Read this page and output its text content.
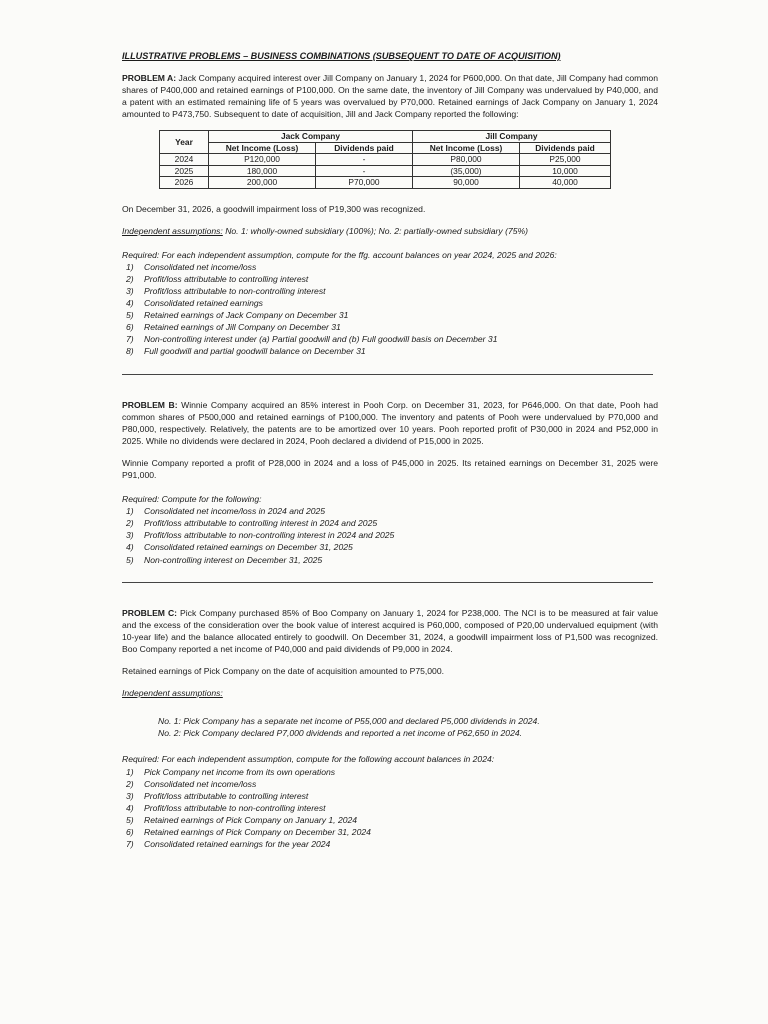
ILLUSTRATIVE PROBLEMS – BUSINESS COMBINATIONS (SUBSEQUENT TO DATE OF ACQUISITION)

PROBLEM A: Jack Company acquired interest over Jill Company on January 1, 2024 for P600,000. On that date, Jill Company had common shares of P400,000 and retained earnings of P100,000. On the same date, the inventory of Jill Company was undervalued by P40,000, and a patent with an estimated remaining life of 5 years was overvalued by P70,000. Retained earnings of Jack Company on January 1, 2024 amounted to P473,750. Subsequent to date of acquisition, Jill and Jack Company reported the following:

Year	Jack Company		Jill Company	
	Net Income (Loss)	Dividends paid	Net Income (Loss)	Dividends paid
2024	P120,000	-	P80,000	P25,000
2025	180,000	-	(35,000)	10,000
2026	200,000	P70,000	90,000	40,000

On December 31, 2026, a goodwill impairment loss of P19,300 was recognized.

Independent assumptions: No. 1: wholly-owned subsidiary (100%); No. 2: partially-owned subsidiary (75%)

Required: For each independent assumption, compute for the ffg. account balances on year 2024, 2025 and 2026:

1) Consolidated net income/loss
2) Profit/loss attributable to controlling interest
3) Profit/loss attributable to non-controlling interest
4) Consolidated retained earnings
5) Retained earnings of Jack Company on December 31
6) Retained earnings of Jill Company on December 31
7) Non-controlling interest under (a) Partial goodwill and (b) Full goodwill basis on December 31
8) Full goodwill and partial goodwill balance on December 31

PROBLEM B: Winnie Company acquired an 85% interest in Pooh Corp. on December 31, 2023, for P646,000. On that date, Pooh had common shares of P500,000 and retained earnings of P100,000. The inventory and patents of Pooh were undervalued by P70,000 and P80,000, respectively. Relatively, the patents are to be amortized over 10 years. Pooh reported profit of P30,000 in 2024 and P52,000 in 2025. While no dividends were declared in 2024, Pooh declared a dividend of P15,000 in 2025.

Winnie Company reported a profit of P28,000 in 2024 and a loss of P45,000 in 2025. Its retained earnings on December 31, 2025 were P91,000.

Required: Compute for the following:

1) Consolidated net income/loss in 2024 and 2025
2) Profit/loss attributable to controlling interest in 2024 and 2025
3) Profit/loss attributable to non-controlling interest in 2024 and 2025
4) Consolidated retained earnings on December 31, 2025
5) Non-controlling interest on December 31, 2025

PROBLEM C: Pick Company purchased 85% of Boo Company on January 1, 2024 for P238,000. The NCI is to be measured at fair value and the excess of the consideration over the book value of interest acquired is P60,000, composed of P20,00 undervalued equipment (with 10-year life) and the balance allocated entirely to goodwill. On December 31, 2024, a goodwill impairment loss of P1,500 was recognized. Boo Company reported a net income of P40,000 and paid dividends of P9,000 in 2024.

Retained earnings of Pick Company on the date of acquisition amounted to P75,000.

Independent assumptions:

No. 1: Pick Company has a separate net income of P55,000 and declared P5,000 dividends in 2024.

No. 2: Pick Company declared P7,000 dividends and reported a net income of P62,650 in 2024.

Required: For each independent assumption, compute for the following account balances in 2024:

1) Pick Company net income from its own operations
2) Consolidated net income/loss
3) Profit/loss attributable to controlling interest
4) Profit/loss attributable to non-controlling interest
5) Retained earnings of Pick Company on January 1, 2024
6) Retained earnings of Pick Company on December 31, 2024
7) Consolidated retained earnings for the year 2024
